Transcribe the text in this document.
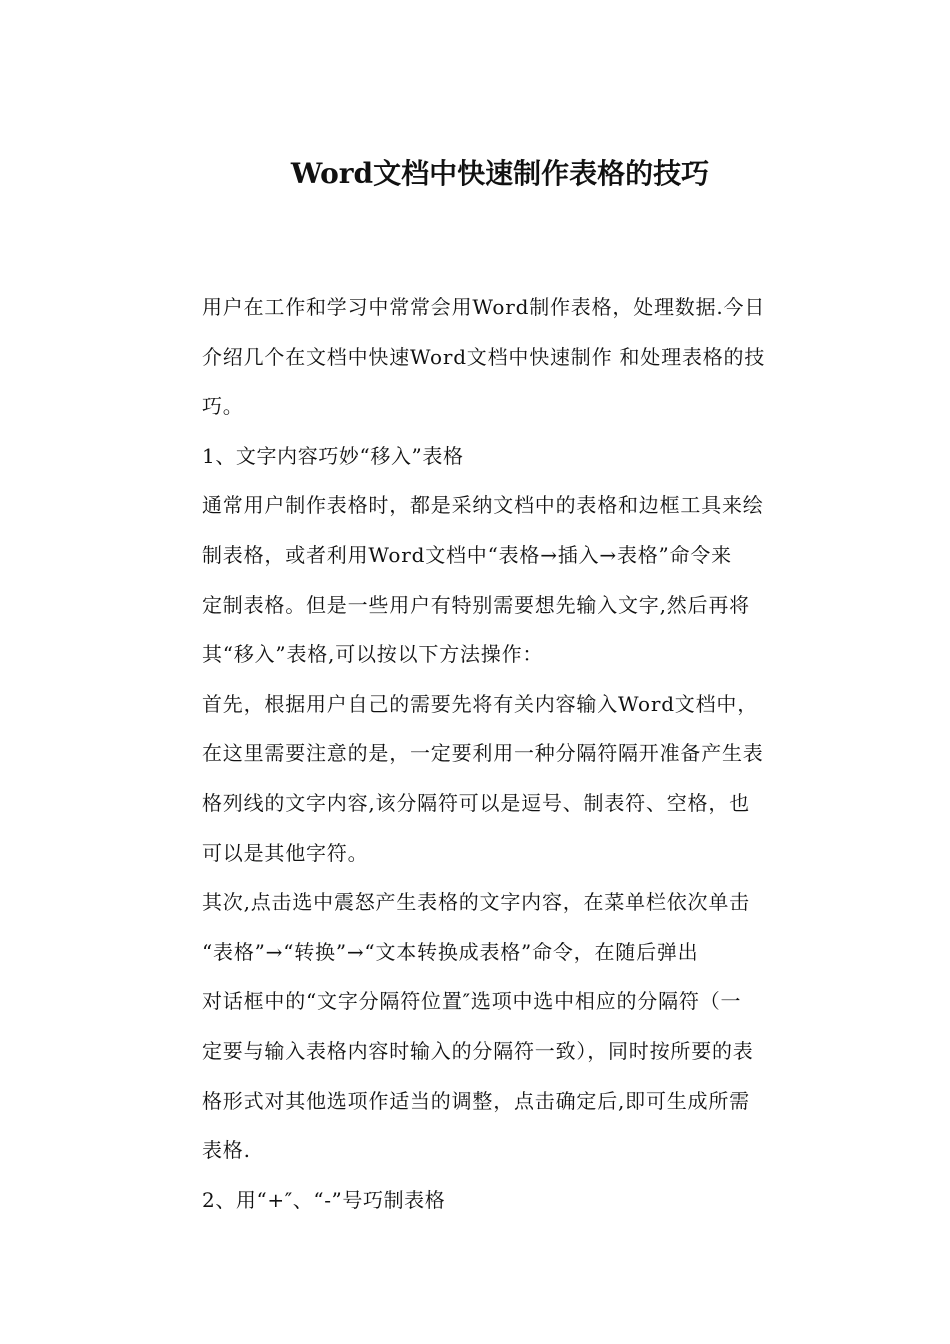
Word文档中快速制作表格的技巧

用户在工作和学习中常常会用Word制作表格，处理数据.今日

介绍几个在文档中快速Word文档中快速制作 和处理表格的技

巧。

1、文字内容巧妙“移入”表格

通常用户制作表格时，都是采纳文档中的表格和边框工具来绘

制表格，或者利用Word文档中“表格→插入→表格”命令来

定制表格。但是一些用户有特别需要想先输入文字,然后再将

其“移入”表格,可以按以下方法操作：

首先，根据用户自己的需要先将有关内容输入Word文档中，

在这里需要注意的是，一定要利用一种分隔符隔开准备产生表

格列线的文字内容,该分隔符可以是逗号、制表符、空格，也

可以是其他字符。

其次,点击选中震怒产生表格的文字内容，在菜单栏依次单击

“表格”→“转换”→“文本转换成表格”命令，在随后弹出

对话框中的“文字分隔符位置″选项中选中相应的分隔符（一

定要与输入表格内容时输入的分隔符一致），同时按所要的表

格形式对其他选项作适当的调整，点击确定后,即可生成所需

表格.

2、用“+″、“-”号巧制表格
